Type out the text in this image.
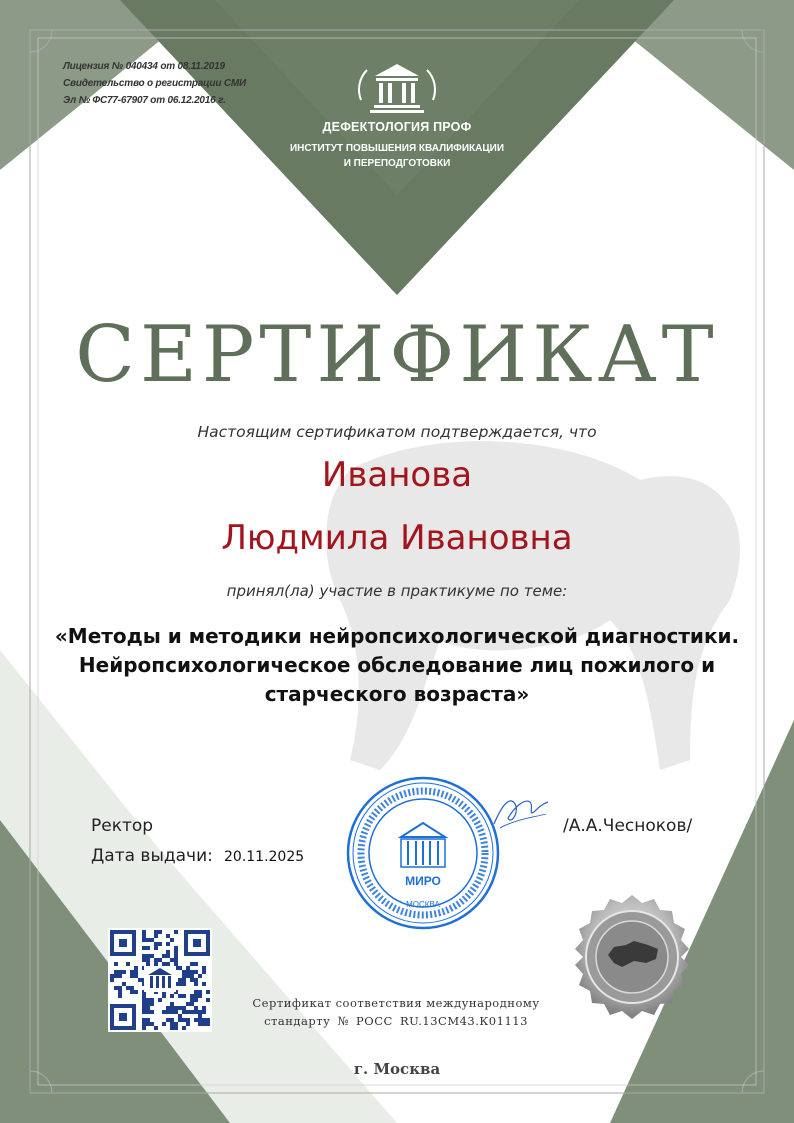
Лицензия № 040434 от 08.11.2019
Свидетельство о регистрации СМИ
Эл № ФС77-67907 от 06.12.2016 г.
ДЕФЕКТОЛОГИЯ ПРОФ
ИНСТИТУТ ПОВЫШЕНИЯ КВАЛИФИКАЦИИ
И ПЕРЕПОДГОТОВКИ
СЕРТИФИКАТ
Настоящим сертификатом подтверждается, что
Иванова
Людмила Ивановна
принял(ла) участие в практикуме по теме:
«Методы и методики нейропсихологической диагностики.
Нейропсихологическое обследование лиц пожилого и
старческого возраста»
МИРО
МОСКВА
Ректор
Дата выдачи: 20.11.2025
/А.А.Чесноков/
Сертификат соответствия международному
стандарту № РОСС RU.13СМ43.К01113
г. Москва
